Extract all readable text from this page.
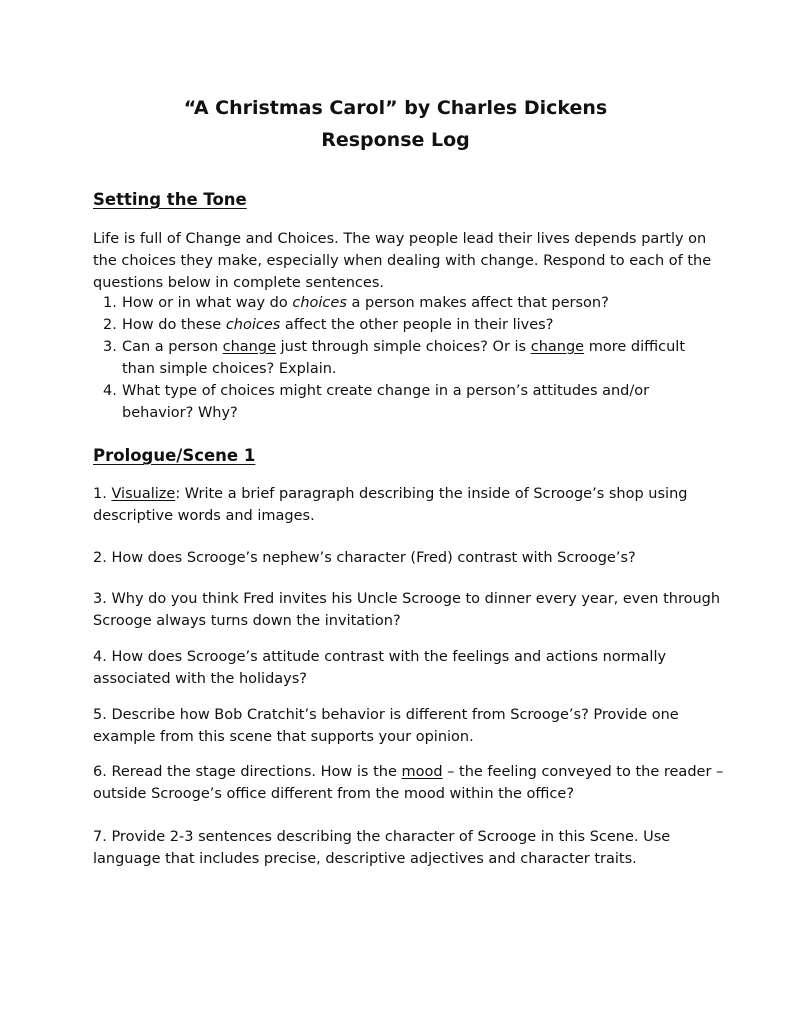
“A Christmas Carol” by Charles Dickens
Response Log
Setting the Tone
Life is full of Change and Choices. The way people lead their lives depends partly on the choices they make, especially when dealing with change. Respond to each of the questions below in complete sentences.
1. How or in what way do choices a person makes affect that person?
2. How do these choices affect the other people in their lives?
3. Can a person change just through simple choices? Or is change more difficult than simple choices? Explain.
4. What type of choices might create change in a person’s attitudes and/or behavior? Why?
Prologue/Scene 1
1. Visualize: Write a brief paragraph describing the inside of Scrooge’s shop using descriptive words and images.
2. How does Scrooge’s nephew’s character (Fred) contrast with Scrooge’s?
3. Why do you think Fred invites his Uncle Scrooge to dinner every year, even through Scrooge always turns down the invitation?
4. How does Scrooge’s attitude contrast with the feelings and actions normally associated with the holidays?
5. Describe how Bob Cratchit’s behavior is different from Scrooge’s? Provide one example from this scene that supports your opinion.
6. Reread the stage directions. How is the mood – the feeling conveyed to the reader – outside Scrooge’s office different from the mood within the office?
7. Provide 2-3 sentences describing the character of Scrooge in this Scene. Use language that includes precise, descriptive adjectives and character traits.
